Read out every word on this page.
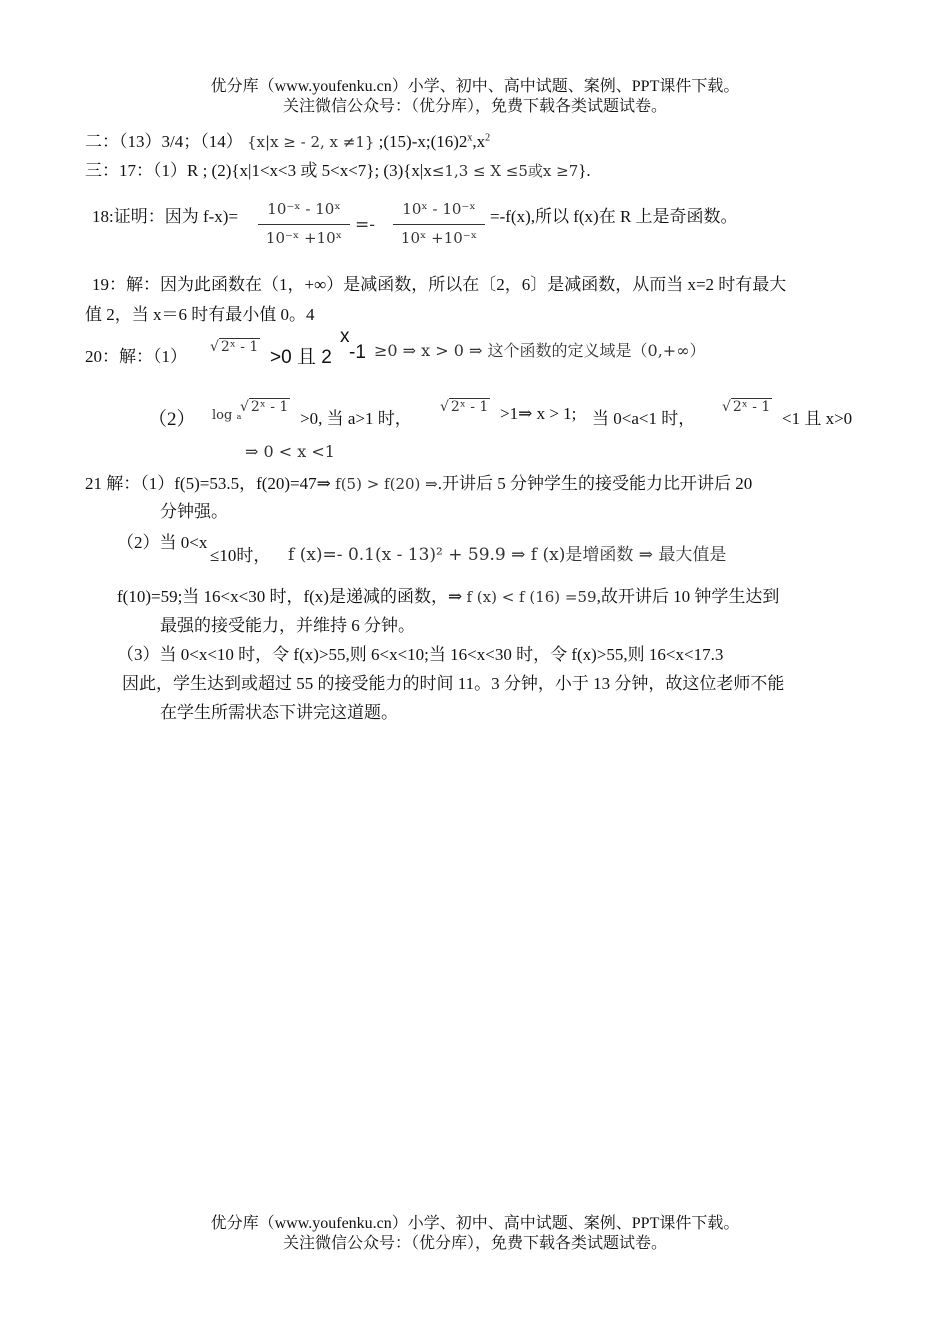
优分库（www.youfenku.cn）小学、初中、高中试题、案例、PPT课件下载。
关注微信公众号：（优分库），免费下载各类试题试卷。
二：（13）3/4；（14） {x|x ≥ - 2, x ≠1} $;(15)-x;(16)2^x,x^2$
三：17：（1）R ; (2){x|1<x<3 或 5<x<7}; (3){x|x≤1,3 ≤ X ≤5或x ≥7}.
18:证明：因为 f-x)=	10⁻ˣ - 10ˣ
10⁻ˣ +10ˣ
=-
10ˣ - 10⁻ˣ
10ˣ +10⁻ˣ
=-f(x),所以 f(x)在 R 上是奇函数。
19：解：因为此函数在（1，+∞）是减函数，所以在〔2，6〕是减函数，从而当 x=2 时有最大
值 2，当 x＝6 时有最小值 0。4
20：解：（1） √ 2ˣ - 1 >0 且 2
x
-1 ≥0 ⇒ x > 0 ⇒ 这个函数的定义域是（0,+∞）
（2） log ₐ
√ 2ˣ - 1
>0, 当 a>1 时，
√ 2ˣ - 1 >1⇒ x > 1; 当 0<a<1 时，
√ 2ˣ - 1
<1 且 x>0
⇒ 0 < x <1
21 解：（1）f(5)=53.5，f(20)=47⇒ f(5) > f(20) ⇒.开讲后 5 分钟学生的接受能力比开讲后 20
分钟强。
（2）当 0<x
≤10时， f (x)=- 0.1(x - 13)² + 59.9 ⇒ f (x)是增函数 ⇒ 最大值是
f(10)=59;当 16<x<30 时，f(x)是递减的函数，⇒ f (x) < f (16) =59,故开讲后 10 钟学生达到
最强的接受能力，并维持 6 分钟。
（3）当 0<x<10 时，令 f(x)>55,则 6<x<10;当 16<x<30 时，令 f(x)>55,则 16<x<17.3
因此，学生达到或超过 55 的接受能力的时间 11。3 分钟，小于 13 分钟，故这位老师不能
在学生所需状态下讲完这道题。
优分库（www.youfenku.cn）小学、初中、高中试题、案例、PPT课件下载。
关注微信公众号：（优分库），免费下载各类试题试卷。
